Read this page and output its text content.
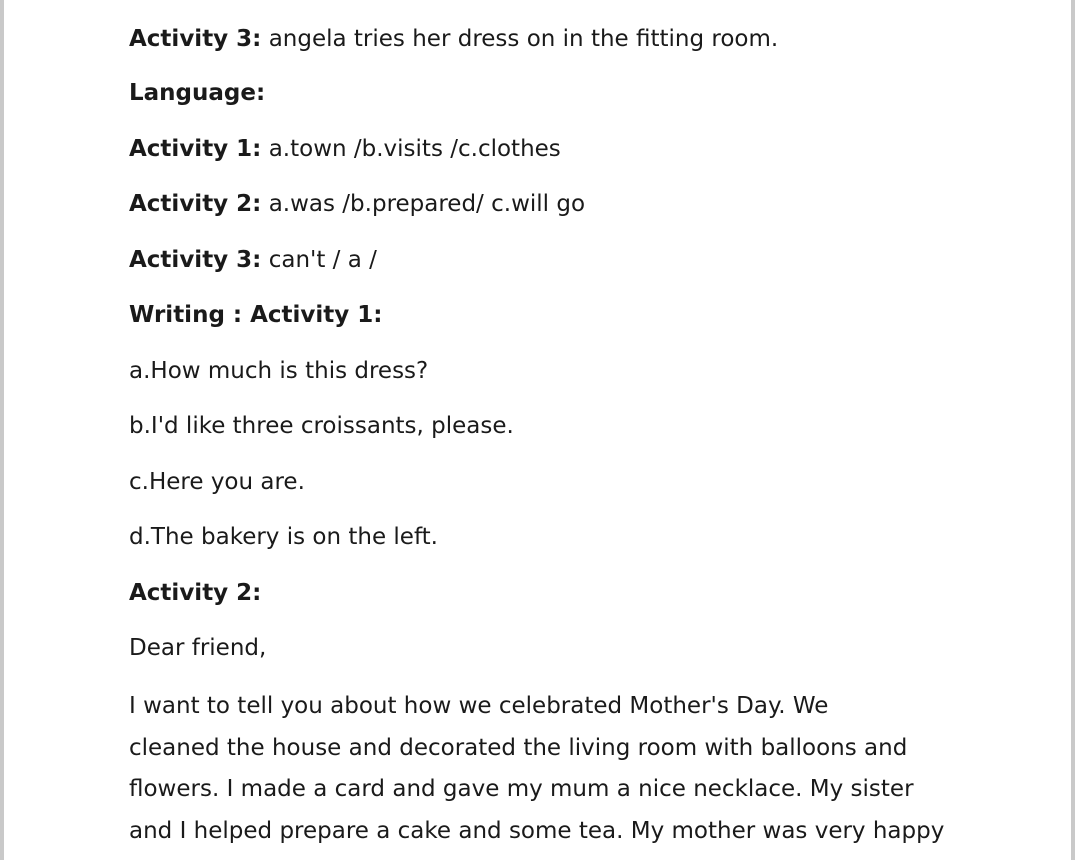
Activity 3: angela tries her dress on in the fitting room.
Language:
Activity 1: a.town /b.visits /c.clothes
Activity 2: a.was /b.prepared/ c.will go
Activity 3: can't / a /
Writing : Activity 1:
a.How much is this dress?
b.I'd like three croissants, please.
c.Here you are.
d.The bakery is on the left.
Activity 2:
Dear friend,
I want to tell you about how we celebrated Mother's Day. We
cleaned the house and decorated the living room with balloons and
flowers. I made a card and gave my mum a nice necklace. My sister
and I helped prepare a cake and some tea. My mother was very happy
